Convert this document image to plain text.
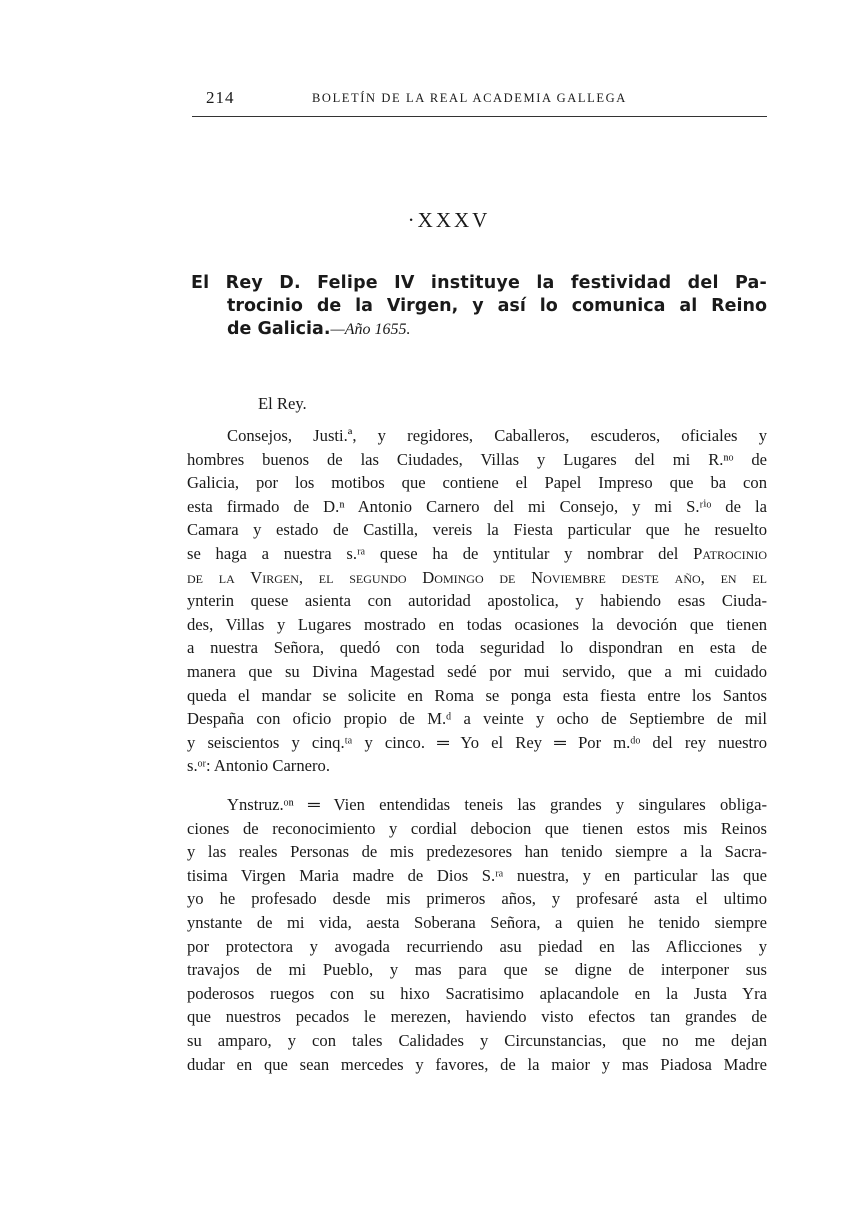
214	BOLETÍN DE LA REAL ACADEMIA GALLEGA
·XXXV
El Rey D. Felipe IV instituye la festividad del Pa-
trocinio de la Virgen, y así lo comunica al Reino
de Galicia.—Año 1655.
El Rey.
Consejos, Justi.ª, y regidores, Caballeros, escuderos, oficiales y
hombres buenos de las Ciudades, Villas y Lugares del mi R.ⁿᵒ de
Galicia, por los motibos que contiene el Papel Impreso que ba con
esta firmado de D.ⁿ Antonio Carnero del mi Consejo, y mi S.ʳⁱᵒ de la
Camara y estado de Castilla, vereis la Fiesta particular que he resuelto
se haga a nuestra s.ʳᵃ quese ha de yntitular y nombrar del Patrocinio
de la Virgen, el segundo Domingo de Noviembre deste año, en el
ynterin quese asienta con autoridad apostolica, y habiendo esas Ciuda-
des, Villas y Lugares mostrado en todas ocasiones la devoción que tienen
a nuestra Señora, quedó con toda seguridad lo dispondran en esta de
manera que su Divina Magestad sedé por mui servido, que a mi cuidado
queda el mandar se solicite en Roma se ponga esta fiesta entre los Santos
Despaña con oficio propio de M.ᵈ a veinte y ocho de Septiembre de mil
y seiscientos y cinq.ᵗᵃ y cinco. ═ Yo el Rey ═ Por m.ᵈᵒ del rey nuestro
s.ᵒʳ: Antonio Carnero.
Ynstruz.ᵒⁿ ═ Vien entendidas teneis las grandes y singulares obliga-
ciones de reconocimiento y cordial debocion que tienen estos mis Reinos
y las reales Personas de mis predezesores han tenido siempre a la Sacra-
tisima Virgen Maria madre de Dios S.ʳᵃ nuestra, y en particular las que
yo he profesado desde mis primeros años, y profesaré asta el ultimo
ynstante de mi vida, aesta Soberana Señora, a quien he tenido siempre
por protectora y avogada recurriendo asu piedad en las Aflicciones y
travajos de mi Pueblo, y mas para que se digne de interponer sus
poderosos ruegos con su hixo Sacratisimo aplacandole en la Justa Yra
que nuestros pecados le merezen, haviendo visto efectos tan grandes de
su amparo, y con tales Calidades y Circunstancias, que no me dejan
dudar en que sean mercedes y favores, de la maior y mas Piadosa Madre
